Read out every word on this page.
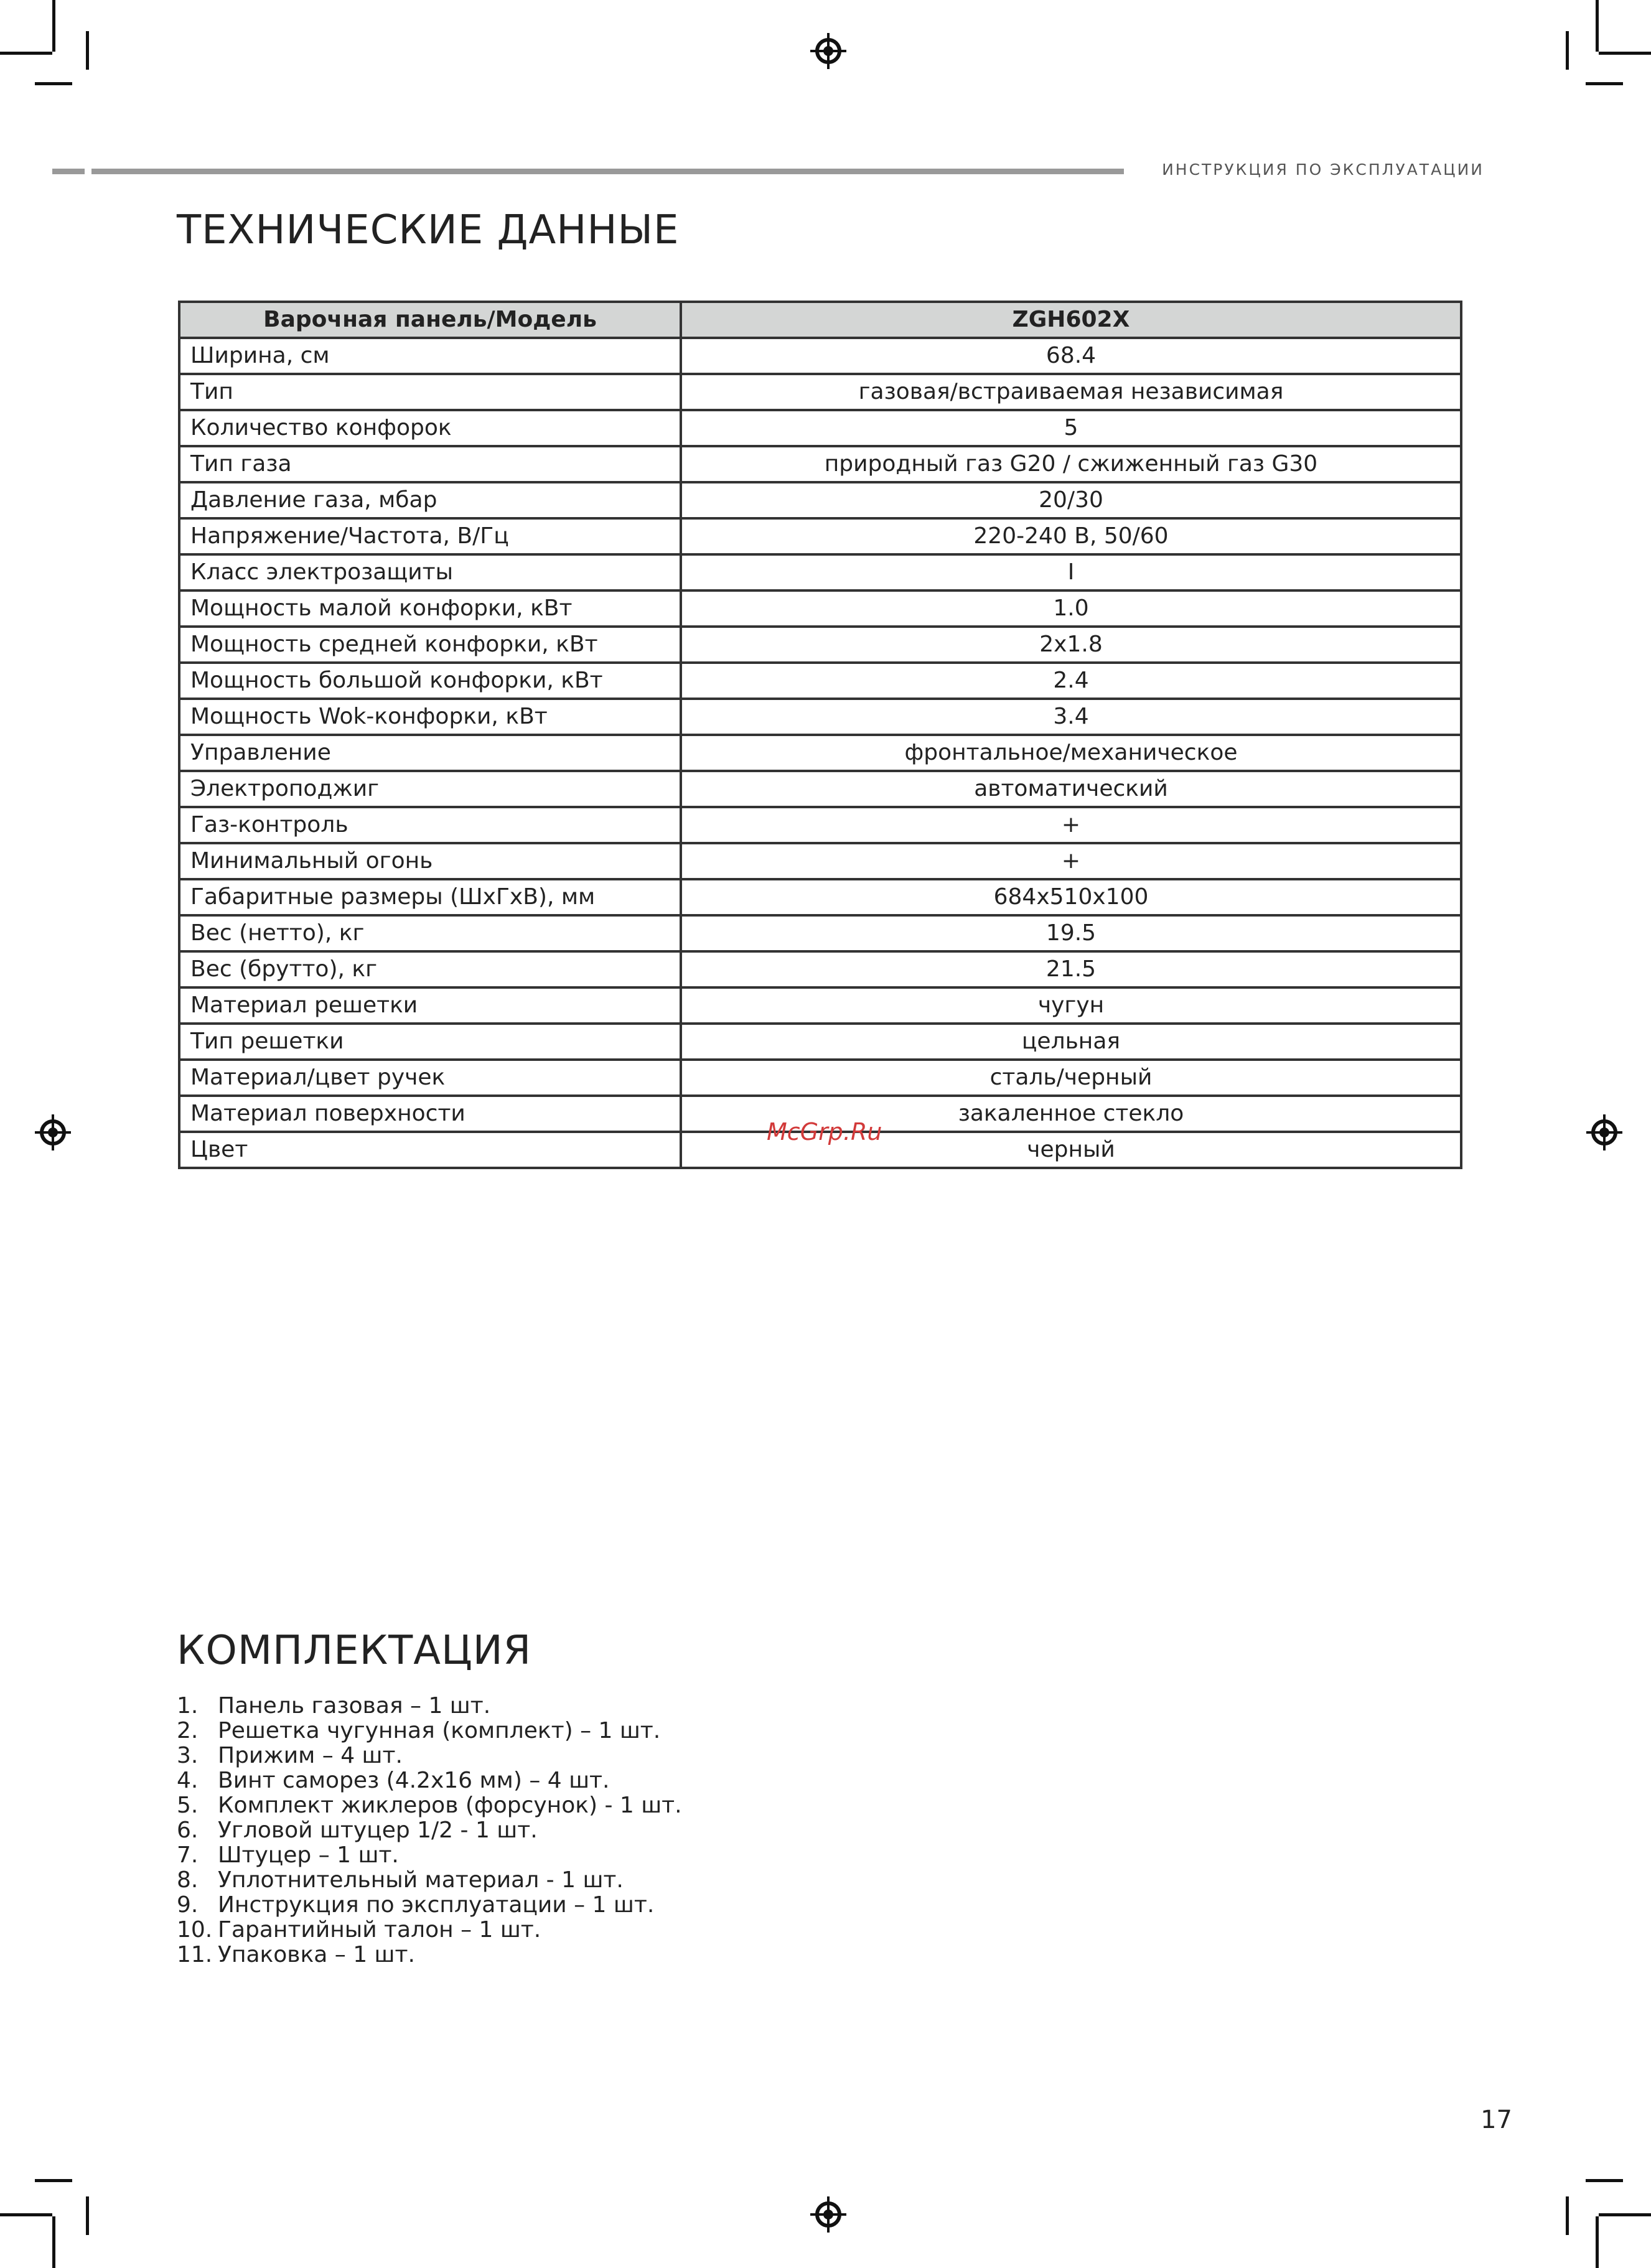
ИНСТРУКЦИЯ ПО ЭКСПЛУАТАЦИИ
ТЕХНИЧЕСКИЕ ДАННЫЕ
Варочная панель/Модель	ZGH602X
Ширина, см	68.4
Тип	газовая/встраиваемая независимая
Количество конфорок	5
Тип газа	природный газ G20 / сжиженный газ G30
Давление газа, мбар	20/30
Напряжение/Частота, В/Гц	220-240 В, 50/60
Класс электрозащиты	I
Мощность малой конфорки, кВт	1.0
Мощность средней конфорки, кВт	2x1.8
Мощность большой конфорки, кВт	2.4
Мощность Wok-конфорки, кВт	3.4
Управление	фронтальное/механическое
Электроподжиг	автоматический
Газ-контроль	+
Минимальный огонь	+
Габаритные размеры (ШхГхВ), мм	684x510x100
Вес (нетто), кг	19.5
Вес (брутто), кг	21.5
Материал решетки	чугун
Тип решетки	цельная
Материал/цвет ручек	сталь/черный
Материал поверхности	закаленное стекло
Цвет	черный
McGrp.Ru
КОМПЛЕКТАЦИЯ
1. Панель газовая – 1 шт.
2. Решетка чугунная (комплект) – 1 шт.
3. Прижим – 4 шт.
4. Винт саморез (4.2х16 мм) – 4 шт.
5. Комплект жиклеров (форсунок) - 1 шт.
6. Угловой штуцер 1/2 - 1 шт.
7. Штуцер – 1 шт.
8. Уплотнительный материал - 1 шт.
9. Инструкция по эксплуатации – 1 шт.
10. Гарантийный талон – 1 шт.
11. Упаковка – 1 шт.
17
